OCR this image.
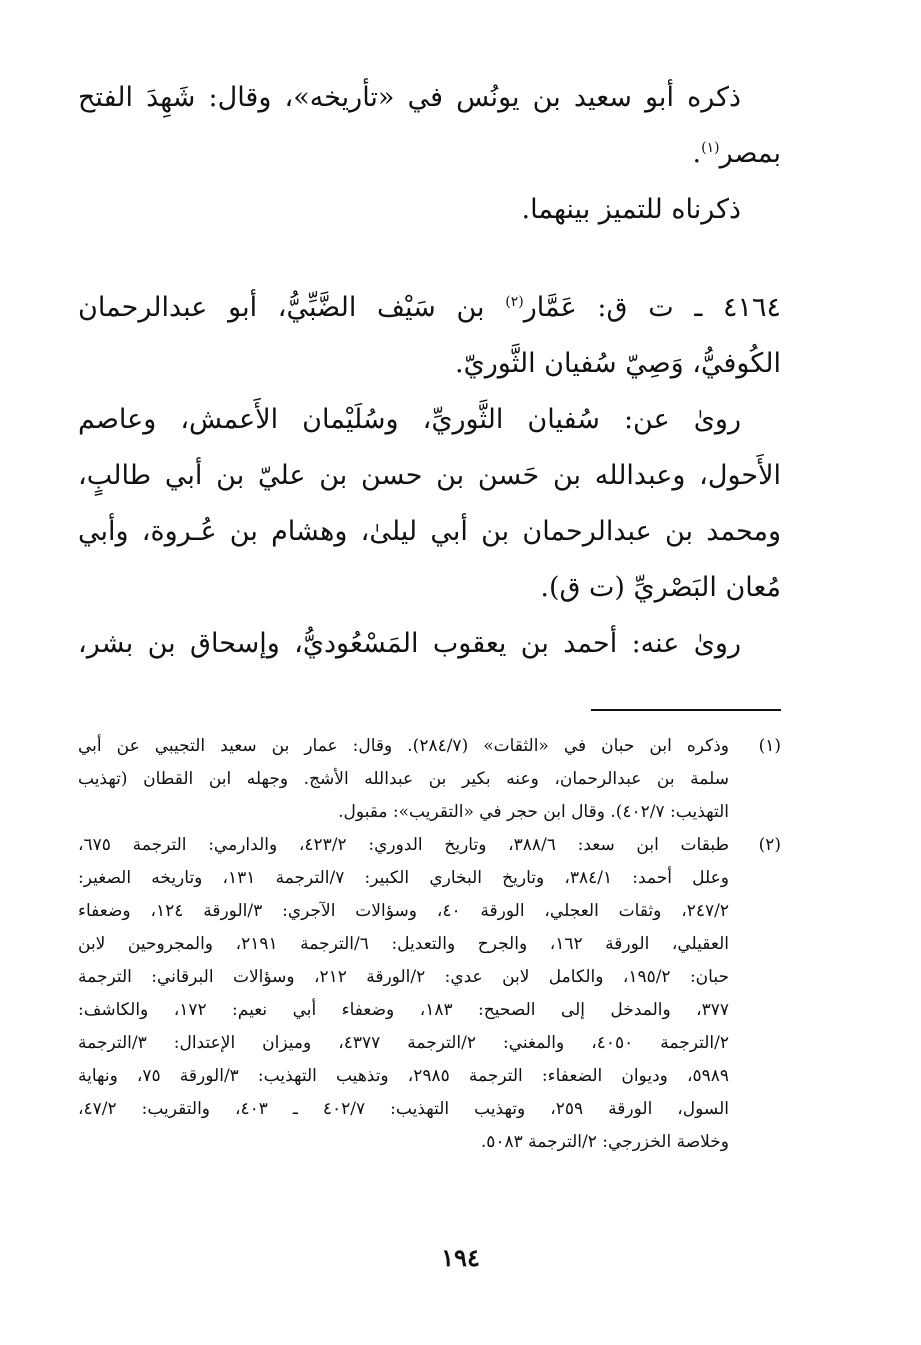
ذكره أبو سعيد بن يونُس في «تأريخه»، وقال: شَهِدَ الفتح
بمصر$^{(١)}$.

ذكرناه للتميز بينهما.

٤١٦٤ ـ ت ق: عَمَّار$^{(٢)}$ بن سَيْف الضَّبِّيُّ، أبو عبدالرحمان
الكُوفيُّ، وَصِيّ سُفيان الثَّوريّ.

روىٰ عن: سُفيان الثَّوريِّ، وسُلَيْمان الأَعمش، وعاصم
الأَحول، وعبدالله بن حَسن بن حسن بن عليّ بن أبي طالبٍ،
ومحمد بن عبدالرحمان بن أبي ليلىٰ، وهشام بن عُـروة، وأبي
مُعان البَصْريِّ (ت ق).

روىٰ عنه: أحمد بن يعقوب المَسْعُوديُّ، وإسحاق بن بشر،

(١)
وذكره ابن حبان في «الثقات» (٢٨٤/٧). وقال: عمار بن سعيد التجيبي عن أبي
سلمة بن عبدالرحمان، وعنه بكير بن عبدالله الأشج. وجهله ابن القطان (تهذيب
التهذيب: ٤٠٢/٧). وقال ابن حجر في «التقريب»: مقبول.
(٢)
طبقات ابن سعد: ٣٨٨/٦، وتاريخ الدوري: ٤٢٣/٢، والدارمي: الترجمة ٦٧٥،
وعلل أحمد: ٣٨٤/١، وتاريخ البخاري الكبير: ٧/الترجمة ١٣١، وتاريخه الصغير:
٢٤٧/٢، وثقات العجلي، الورقة ٤٠، وسؤالات الآجري: ٣/الورقة ١٢٤، وضعفاء
العقيلي، الورقة ١٦٢، والجرح والتعديل: ٦/الترجمة ٢١٩١، والمجروحين لابن
حبان: ١٩٥/٢، والكامل لابن عدي: ٢/الورقة ٢١٢، وسؤالات البرقاني: الترجمة
٣٧٧، والمدخل إلى الصحيح: ١٨٣، وضعفاء أبي نعيم: ١٧٢، والكاشف:
٢/الترجمة ٤٠٥٠، والمغني: ٢/الترجمة ٤٣٧٧، وميزان الإعتدال: ٣/الترجمة
٥٩٨٩، وديوان الضعفاء: الترجمة ٢٩٨٥، وتذهيب التهذيب: ٣/الورقة ٧٥، ونهاية
السول، الورقة ٢٥٩، وتهذيب التهذيب: ٤٠٢/٧ ـ ٤٠٣، والتقريب: ٤٧/٢،
وخلاصة الخزرجي: ٢/الترجمة ٥٠٨٣.
١٩٤
